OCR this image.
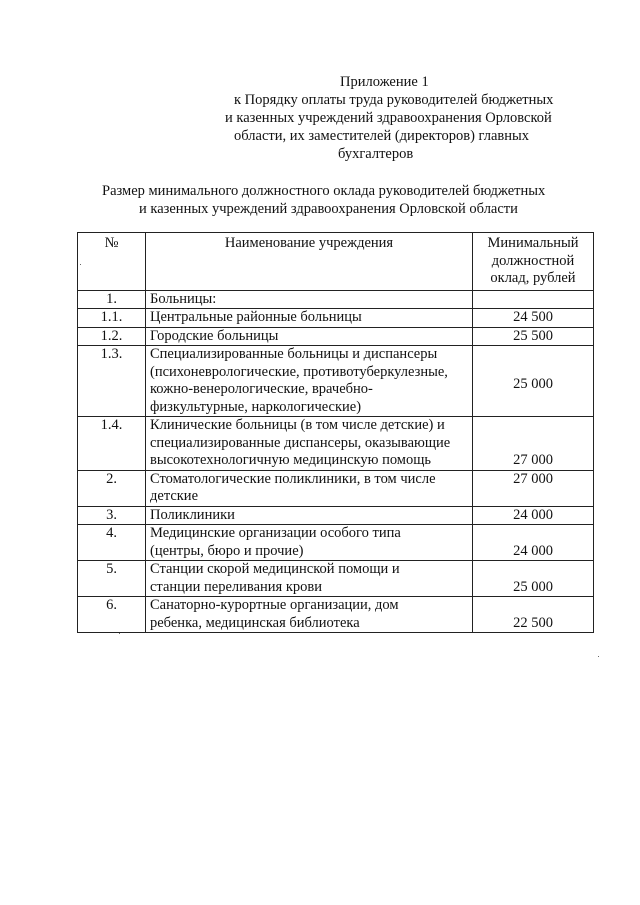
Приложение 1
к Порядку оплаты труда руководителей бюджетных
и казенных учреждений здравоохранения Орловской
области, их заместителей (директоров) главных
бухгалтеров
Размер минимального должностного оклада руководителей бюджетных
и казенных учреждений здравоохранения Орловской области
№	Наименование учреждения	Минимальный
должностной
оклад, рублей

1.	Больницы:	

1.1.	Центральные районные больницы	24 500
1.2.	Городские больницы	25 500
1.3.	Специализированные больницы и диспансеры
(психоневрологические, противотуберкулезные,
кожно-венерологические, врачебно-
физкультурные, наркологические)	25 000
1.4.	Клинические больницы (в том числе детские) и
специализированные диспансеры, оказывающие
высокотехнологичную медицинскую помощь	27 000
2.	Стоматологические поликлиники, в том числе
детские	27 000
3.	Поликлиники	24 000
4.	Медицинские организации особого типа
(центры, бюро и прочие)	24 000
5.	Станции скорой медицинской помощи и
станции переливания крови	25 000
6.	Санаторно-курортные организации, дом
ребенка, медицинская библиотека	22 500
